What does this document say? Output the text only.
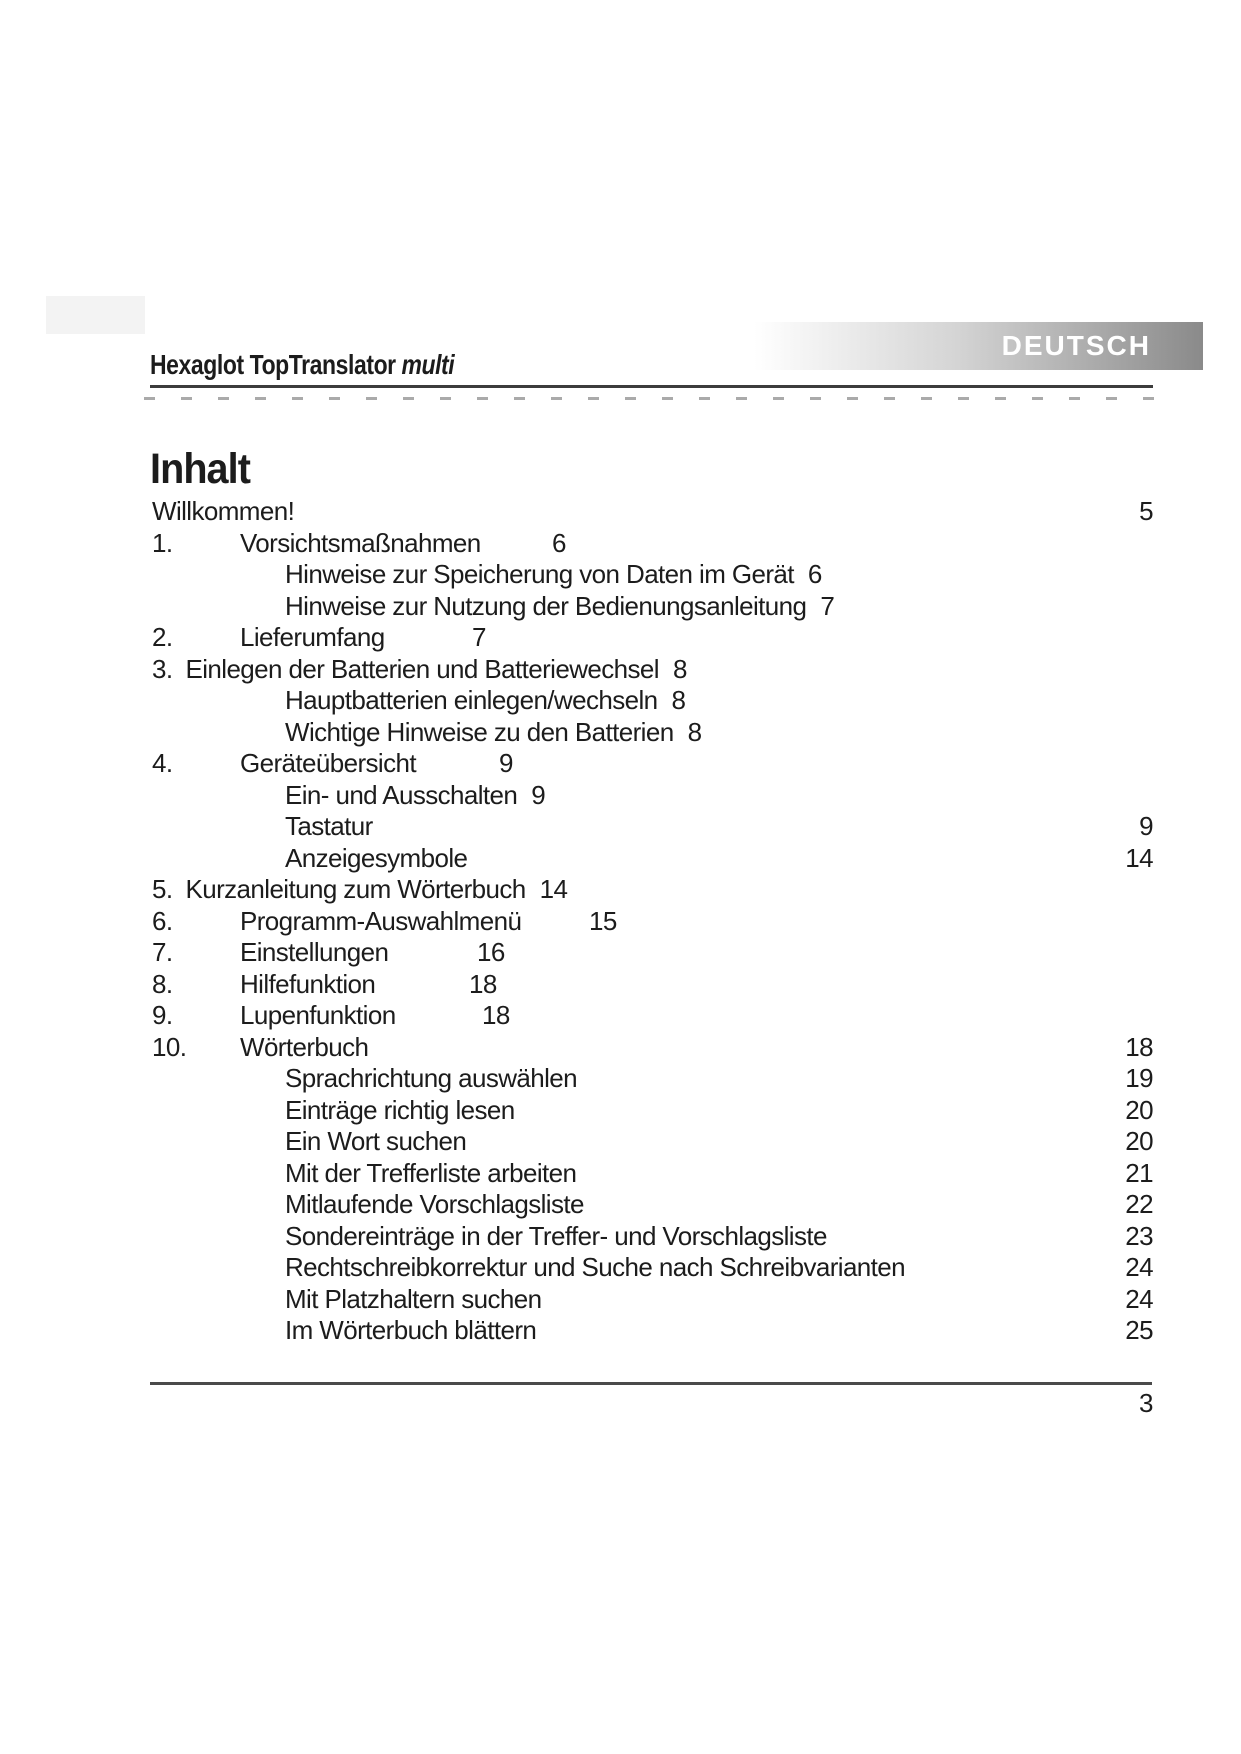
DEUTSCH
Hexaglot TopTranslator multi
Inhalt
Willkommen!	5
1.	Vorsichtsmaßnahmen	6
Hinweise zur Speicherung von Daten im Gerät 6
Hinweise zur Nutzung der Bedienungsanleitung 7
2.	Lieferumfang	7
3. Einlegen der Batterien und Batteriewechsel 8
Hauptbatterien einlegen/wechseln 8
Wichtige Hinweise zu den Batterien 8
4.	Geräteübersicht	9
Ein- und Ausschalten 9
Tastatur	9
Anzeigesymbole	14
5. Kurzanleitung zum Wörterbuch 14
6.	Programm-Auswahlmenü	15
7.	Einstellungen	16
8.	Hilfefunktion	18
9.	Lupenfunktion	18
10.	Wörterbuch	18
Sprachrichtung auswählen	19
Einträge richtig lesen	20
Ein Wort suchen	20
Mit der Trefferliste arbeiten	21
Mitlaufende Vorschlagsliste	22
Sondereinträge in der Treffer- und Vorschlagsliste	23
Rechtschreibkorrektur und Suche nach Schreibvarianten	24
Mit Platzhaltern suchen	24
Im Wörterbuch blättern	25
3
